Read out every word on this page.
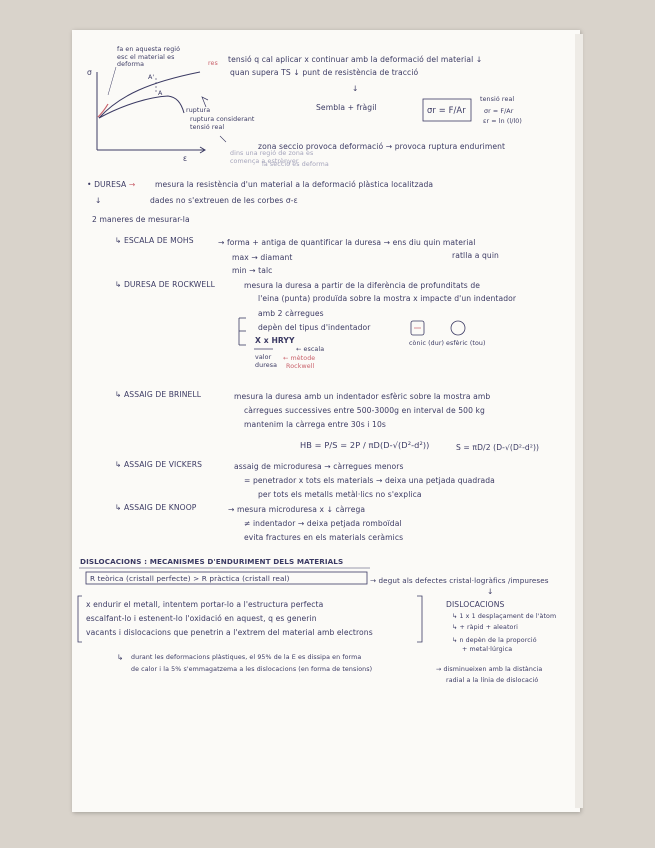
fa en aquesta regió esc el material es deforma	res
σ
ε
A'
A
ruptura
ruptura considerant tensió real
dins una regió de zona es comença a estrènyer
tensió q cal aplicar x continuar amb la deformació del material ↓
quan supera TS ↓ punt de resistència de tracció
↓
Sembla + fràgil	σr = F/Ar
tensió real
σr = F/Ar
εr = ln (l/l0)
zona seccio provoca deformació → provoca ruptura enduriment
la seccio es deforma
• DURESA →	mesura la resistència d'un material a la deformació plàstica localitzada
dades no s'extreuen de les corbes σ-ε
↓
2 maneres de mesurar-la
↳ ESCALA DE MOHS	→ forma + antiga de quantificar la duresa → ens diu quin material
ratlla a quin
max → diamant
min → talc
↳ DURESA DE ROCKWELL	mesura la duresa a partir de la diferència de profunditats de
l'eina (punta) produïda sobre la mostra x impacte d'un indentador
amb 2 càrregues
depèn del tipus d'indentador
X x HRYY
← escala
valor
duresa
← mètode
Rockwell
cònic (dur) esfèric (tou)
↳ ASSAIG DE BRINELL	mesura la duresa amb un indentador esfèric sobre la mostra amb
càrregues successives entre 500-3000g en interval de 500 kg
mantenim la càrrega entre 30s i 10s
HB = P/S = 2P / πD(D-√(D²-d²))	S = πD/2 (D-√(D²-d²))
↳ ASSAIG DE VICKERS	assaig de microduresa → càrregues menors
= penetrador x tots els materials → deixa una petjada quadrada
per tots els metalls metàl·lics no s'explica
↳ ASSAIG DE KNOOP	→ mesura microduresa x ↓ càrrega
≠ indentador → deixa petjada romboïdal
evita fractures en els materials ceràmics
DISLOCACIONS : MECANISMES D'ENDURIMENT DELS MATERIALS
R teòrica (cristall perfecte) > R pràctica (cristall real)	→ degut als defectes cristal·logràfics /impureses
↓
x endurir el metall, intentem portar-lo a l'estructura perfecta
escalfant-lo i estenent-lo l'oxidació en aquest, q es generin
vacants i dislocacions que penetrin a l'extrem del material amb electrons
DISLOCACIONS
↳ 1 x 1 desplaçament de l'àtom
↳ + ràpid + aleatori
↳ n depèn de la proporció
+ metal·lúrgica
↳ durant les deformacions plàstiques, el 95% de la E es dissipa en forma
de calor i la 5% s'emmagatzema a les dislocacions (en forma de tensions)	→ disminueixen amb la distància
radial a la línia de dislocació
